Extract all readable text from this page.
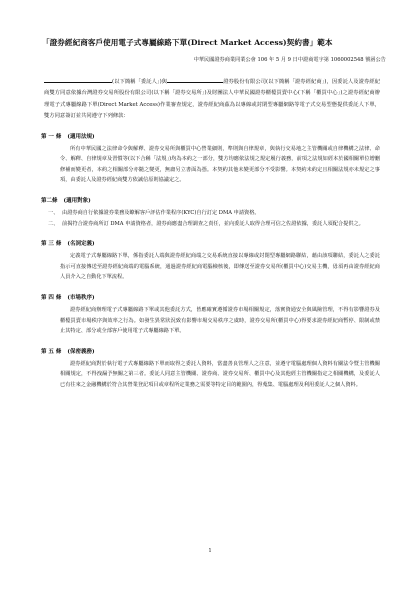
「證券經紀商客戶使用電子式專屬線路下單(Direct Market Access)契約書」範本
中華民國證券商業同業公會 106 年 5 月 9 日中證商電字第 1060002548 號函公告

(以下簡稱「委託人」)與	證券股份有限公司(以下簡稱「證券經紀商」)，因委託人及證券經紀商雙方同意依據台灣證券交易所股份有限公司(以下稱「證券交易所」)及財團法人中華民國證券櫃檯買賣中心(下稱「櫃買中心」)之證券經紀商辦理電子式專屬線路下單(Direct Market Access)作業審查規定，證券經紀商茲為以專線或封閉型專屬網路等電子式交易型態提供委託人下單，雙方同意簽訂並共同遵守下列條款：

第 一 條 (適用法規)

所有中華民國之法律命令與解釋、證券交易所與櫃買中心營業細則，準則與自律規章，與執行交易地之主管機關或自律機構之法律、命令、解釋、自律規章及習慣等(以下合稱「法規」)均為本約之一部分，雙方均應依法規之規定履行義務，前項之法規如經本於國相關單位增刪修補而變更者，本約之相關部分亦隨之變更，無庸另立書面為憑。本契約其他未變更部分不受影響。本契約未約定且相關法規亦未規定之事項，由委託人及證券經紀商雙方依誠信原則協議定之。

第二條 (適用對象)
一、 由證券商自行依據證券業務及瞭解客戶評估作業程序(KYC)自行訂定 DMA 申請資格。
二、 前揭符合證券商所訂 DMA 申請資格者，證券商應盡合理調查之責任，並向委託人取得合理可信之佐證依據，委託人須配合提供之。
第 三 條 (名詞定義)

定義電子式專屬線路下單，係指委託人端與證券經紀商端之交易系統直接以專線或封閉型專屬網路聯結，藉由該項聯結，委託人之委託指示可直接傳送至證券經紀商端的電腦系統，通過證券經紀商電腦檢核後，即傳送至證券交易所(櫃買中心)交易主機，毋須再由證券經紀商人員介入之自動化下單流程。

第 四 條 (市場秩序)

證券經紀商辦理電子式專屬線路下單或其他委託方式，皆應確實遵循證券市場相關規定，落實資通安全與風險管理，不得有影響證券及櫃檯買賣市場秩序與效率之行為。如發生異常狀況致有影響市場交易秩序之虞時，證券交易所(櫃買中心)得要求證券經紀商暫停、限制或禁止其特定、部分或全部客戶使用電子式專屬線路下單。

第 五 條 (保密義務)

證券經紀商對於執行電子式專屬線路下單而取得之委託人資料，當盡善良管理人之注意，並遵守電腦處理個人資料有關法令暨主管機關相關規定，不得洩漏予無關之第三者。委託人同意主管機關、證券商、證券交易所、櫃買中心及其他經主管機關指定之相關機構，及委託人已有往來之金融機構於符合其營業登記項目或章程所定業務之需要等特定目的範圍內，得蒐集、電腦處理及利用委託人之個人資料。

1
